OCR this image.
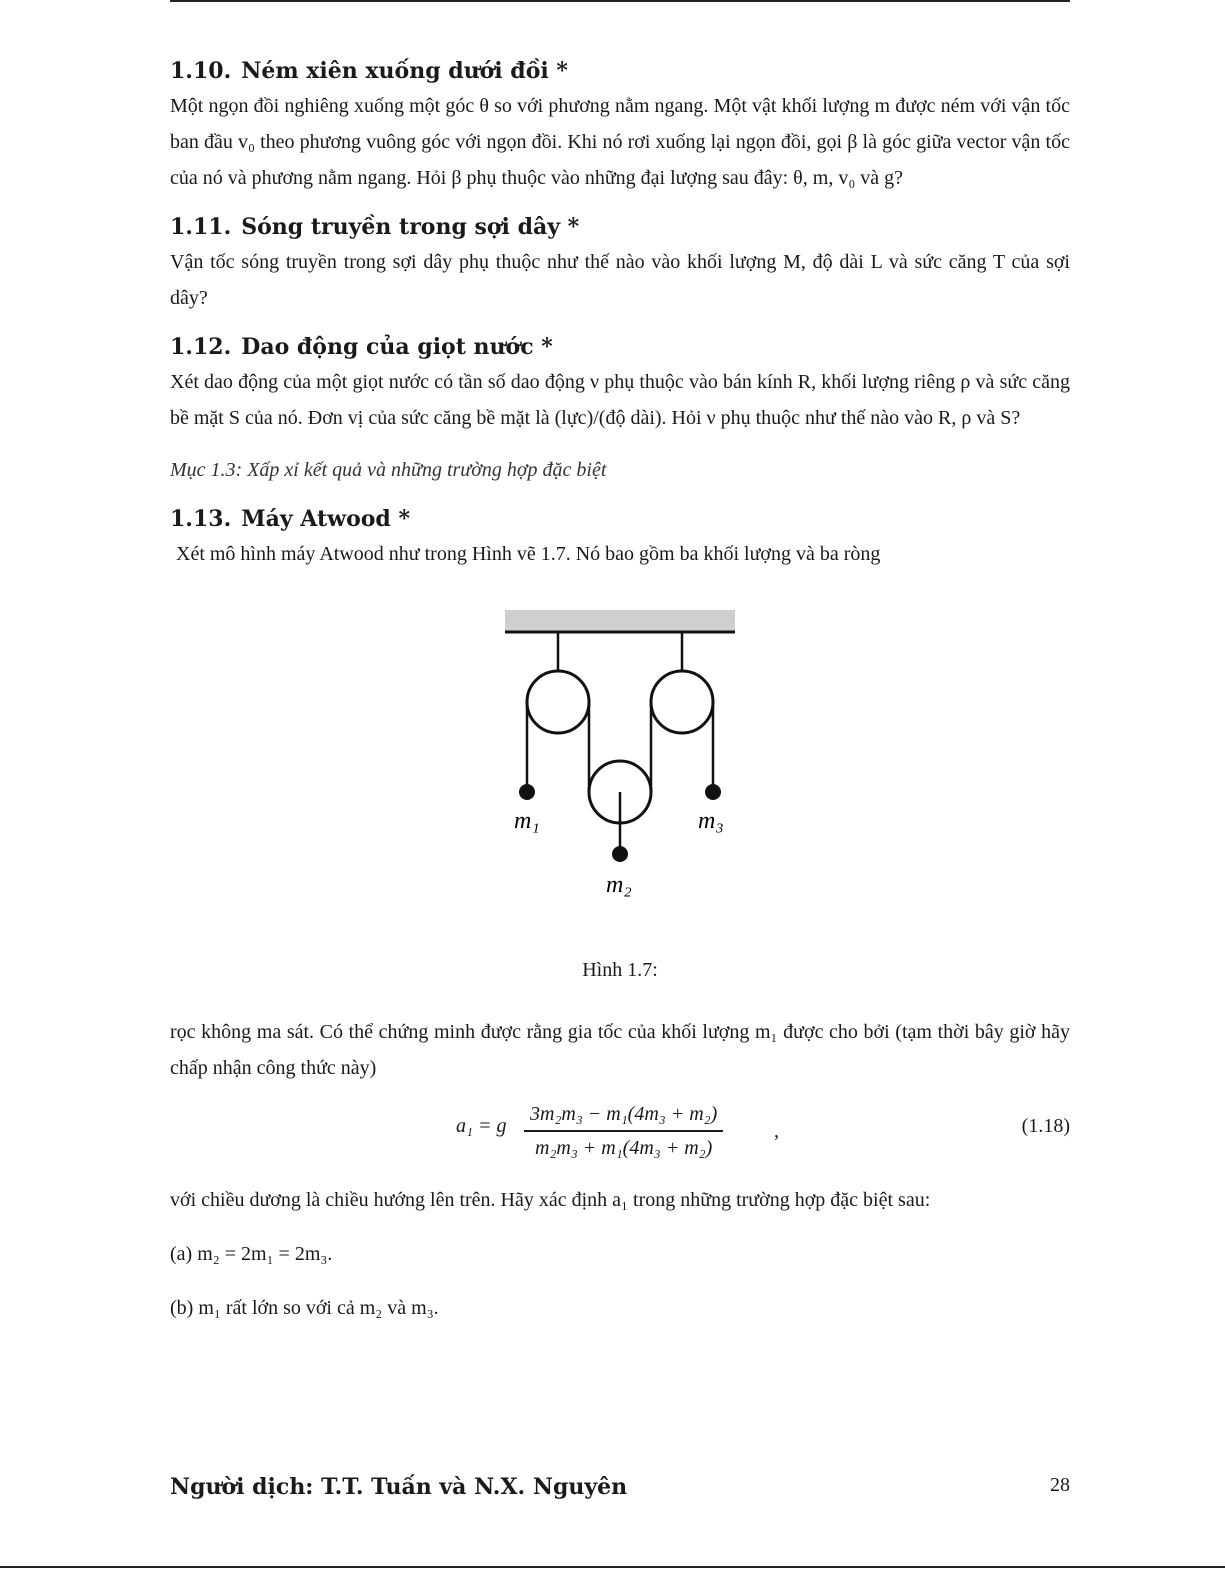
1.10. Ném xiên xuống dưới đồi *

Một ngọn đồi nghiêng xuống một góc θ so với phương nằm ngang. Một vật khối lượng m được ném với vận tốc ban đầu v₀ theo phương vuông góc với ngọn đồi. Khi nó rơi xuống lại ngọn đồi, gọi β là góc giữa vector vận tốc của nó và phương nằm ngang. Hỏi β phụ thuộc vào những đại lượng sau đây: θ, m, v₀ và g?

1.11. Sóng truyền trong sợi dây *

Vận tốc sóng truyền trong sợi dây phụ thuộc như thế nào vào khối lượng M, độ dài L và sức căng T của sợi dây?

1.12. Dao động của giọt nước *

Xét dao động của một giọt nước có tần số dao động ν phụ thuộc vào bán kính R, khối lượng riêng ρ và sức căng bề mặt S của nó. Đơn vị của sức căng bề mặt là (lực)/(độ dài). Hỏi ν phụ thuộc như thế nào vào R, ρ và S?

Mục 1.3: Xấp xỉ kết quả và những trường hợp đặc biệt

1.13. Máy Atwood *

Xét mô hình máy Atwood như trong Hình vẽ 1.7. Nó bao gồm ba khối lượng và ba ròng

m₁	m₃
m₂
Hình 1.7:

rọc không ma sát. Có thể chứng minh được rằng gia tốc của khối lượng m₁ được cho bởi (tạm thời bây giờ hãy chấp nhận công thức này)

a₁ = g
3m₂m₃ − m₁(4m₃ + m₂)
m₂m₃ + m₁(4m₃ + m₂)
,	(1.18)

với chiều dương là chiều hướng lên trên. Hãy xác định a₁ trong những trường hợp đặc biệt sau:

(a) m₂ = 2m₁ = 2m₃.

(b) m₁ rất lớn so với cả m₂ và m₃.

Người dịch: T.T. Tuấn và N.X. Nguyên	28
